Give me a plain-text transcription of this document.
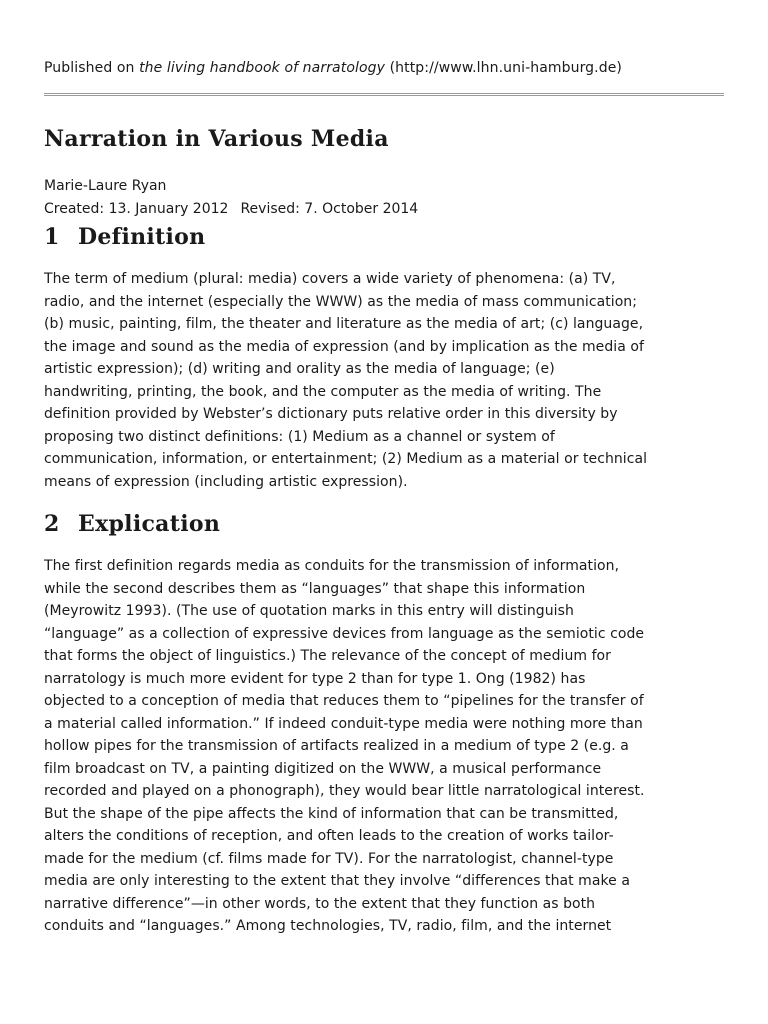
Published on the living handbook of narratology (http://www.lhn.uni-hamburg.de)
Narration in Various Media
Marie-Laure Ryan
Created: 13. January 2012 Revised: 7. October 2014
1 Definition
The term of medium (plural: media) covers a wide variety of phenomena: (a) TV,
radio, and the internet (especially the WWW) as the media of mass communication;
(b) music, painting, film, the theater and literature as the media of art; (c) language,
the image and sound as the media of expression (and by implication as the media of
artistic expression); (d) writing and orality as the media of language; (e)
handwriting, printing, the book, and the computer as the media of writing. The
definition provided by Webster’s dictionary puts relative order in this diversity by
proposing two distinct definitions: (1) Medium as a channel or system of
communication, information, or entertainment; (2) Medium as a material or technical
means of expression (including artistic expression).
2 Explication
The first definition regards media as conduits for the transmission of information,
while the second describes them as “languages” that shape this information
(Meyrowitz 1993). (The use of quotation marks in this entry will distinguish
“language” as a collection of expressive devices from language as the semiotic code
that forms the object of linguistics.) The relevance of the concept of medium for
narratology is much more evident for type 2 than for type 1. Ong (1982) has
objected to a conception of media that reduces them to “pipelines for the transfer of
a material called information.” If indeed conduit-type media were nothing more than
hollow pipes for the transmission of artifacts realized in a medium of type 2 (e.g. a
film broadcast on TV, a painting digitized on the WWW, a musical performance
recorded and played on a phonograph), they would bear little narratological interest.
But the shape of the pipe affects the kind of information that can be transmitted,
alters the conditions of reception, and often leads to the creation of works tailor-
made for the medium (cf. films made for TV). For the narratologist, channel-type
media are only interesting to the extent that they involve “differences that make a
narrative difference”—in other words, to the extent that they function as both
conduits and “languages.” Among technologies, TV, radio, film, and the internet
